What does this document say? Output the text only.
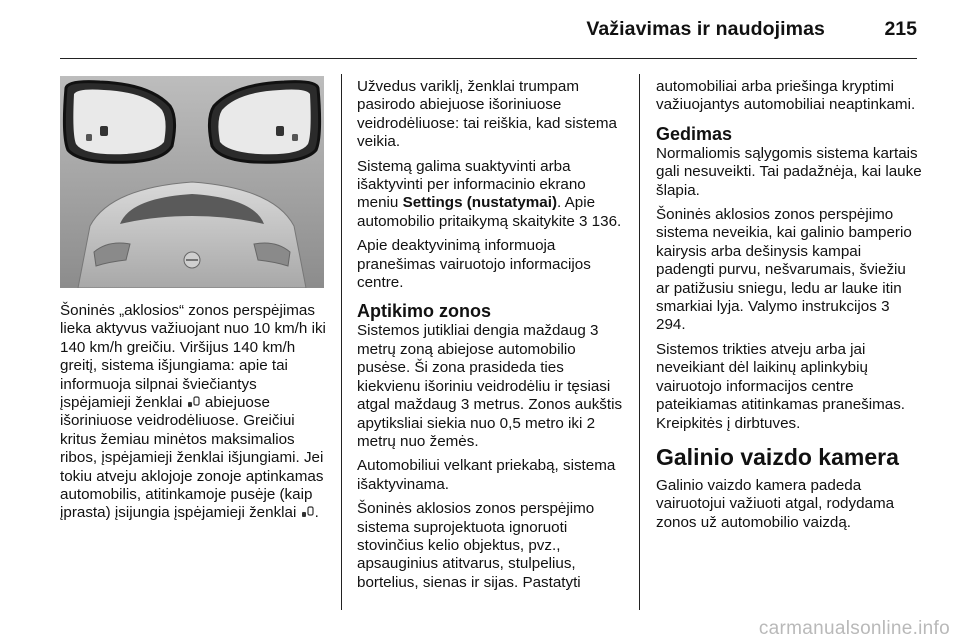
Važiavimas ir naudojimas	215

Šoninės „aklosios“ zonos perspėjimas lieka aktyvus važiuojant nuo 10 km/h iki 140 km/h greičiu. Viršijus 140 km/h greitį, sistema išjungiama: apie tai informuoja silpnai šviečiantys įspėjamieji ženklai abiejuose išoriniuose veidrodėliuose. Greičiui kritus žemiau minėtos maksimalios ribos, įspėjamieji ženklai išjungiami. Jei tokiu atveju aklojoje zonoje aptinkamas automobilis, atitinkamoje pusėje (kaip įprasta) įsijungia įspėjamieji ženklai .

Užvedus variklį, ženklai trumpam pasirodo abiejuose išoriniuose veidrodėliuose: tai reiškia, kad sistema veikia.

Sistemą galima suaktyvinti arba išaktyvinti per informacinio ekrano meniu Settings (nustatymai). Apie automobilio pritaikymą skaitykite 3 136.

Apie deaktyvinimą informuoja pranešimas vairuotojo informacijos centre.

Aptikimo zonos

Sistemos jutikliai dengia maždaug 3 metrų zoną abiejose automobilio pusėse. Ši zona prasideda ties kiekvienu išoriniu veidrodėliu ir tęsiasi atgal maždaug 3 metrus. Zonos aukštis apytiksliai siekia nuo 0,5 metro iki 2 metrų nuo žemės.

Automobiliui velkant priekabą, sistema išaktyvinama.

Šoninės aklosios zonos perspėjimo sistema suprojektuota ignoruoti stovinčius kelio objektus, pvz., apsauginius atitvarus, stulpelius, bortelius, sienas ir sijas. Pastatyti

automobiliai arba priešinga kryptimi važiuojantys automobiliai neaptinkami.

Gedimas

Normaliomis sąlygomis sistema kartais gali nesuveikti. Tai padažnėja, kai lauke šlapia.

Šoninės aklosios zonos perspėjimo sistema neveikia, kai galinio bamperio kairysis arba dešinysis kampai padengti purvu, nešvarumais, šviežiu ar patižusiu sniegu, ledu ar lauke itin smarkiai lyja. Valymo instrukcijos 3 294.

Sistemos trikties atveju arba jai neveikiant dėl laikinų aplinkybių vairuotojo informacijos centre pateikiamas atitinkamas pranešimas. Kreipkitės į dirbtuves.

Galinio vaizdo kamera

Galinio vaizdo kamera padeda vairuotojui važiuoti atgal, rodydama zonos už automobilio vaizdą.

carmanualsonline.info
